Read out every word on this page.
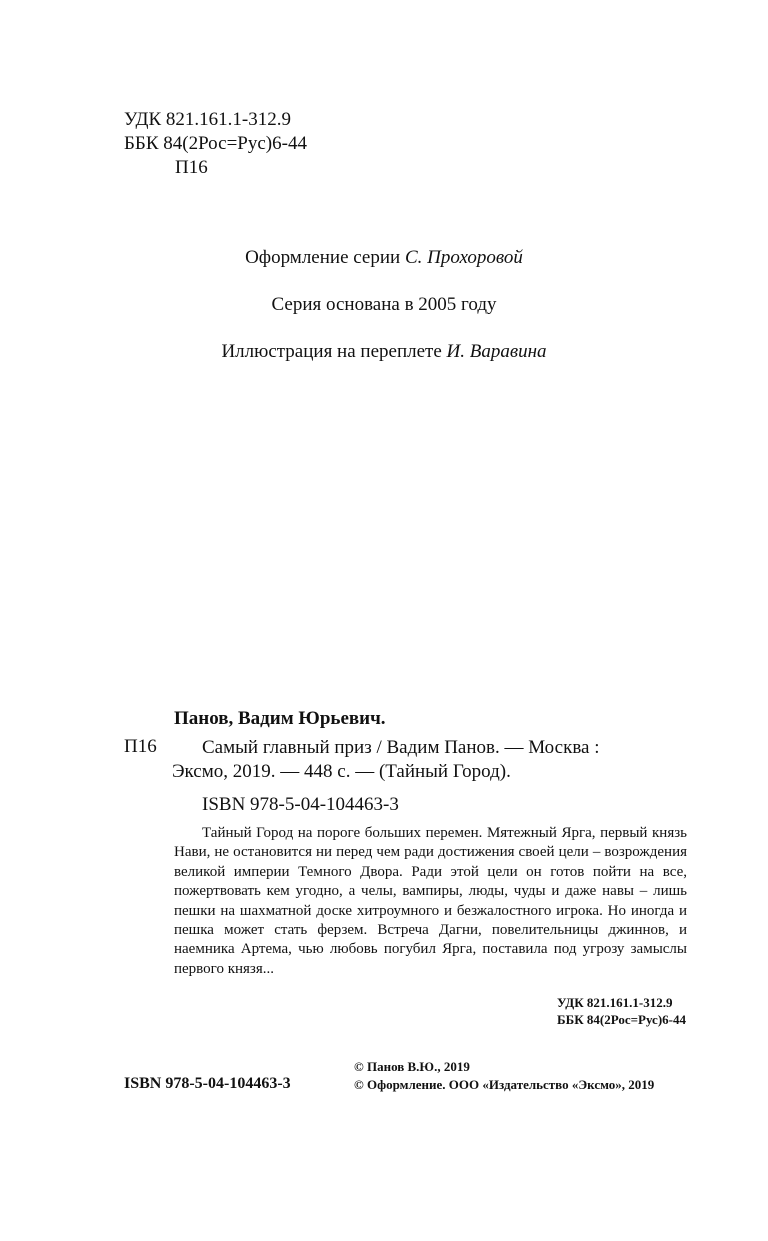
УДК 821.161.1-312.9
ББК 84(2Рос=Рус)6-44
П16
Оформление серии С. Прохоровой
Серия основана в 2005 году
Иллюстрация на переплете И. Варавина
Панов, Вадим Юрьевич.
П16 Самый главный приз / Вадим Панов. — Москва :
Эксмо, 2019. — 448 с. — (Тайный Город).
ISBN 978-5-04-104463-3

Тайный Город на пороге больших перемен. Мятежный Ярга, первый князь Нави, не остановится ни перед чем ради достижения своей цели – возрождения великой империи Темного Двора. Ради этой цели он готов пойти на все, пожертвовать кем угодно, а челы, вампиры, люды, чуды и даже навы – лишь пешки на шахматной доске хитроумного и безжалостного игрока. Но иногда и пешка может стать ферзем. Встреча Дагни, повелительницы джиннов, и наемника Артема, чью любовь погубил Ярга, поставила под угрозу замыслы первого князя...

УДК 821.161.1-312.9
ББК 84(2Рос=Рус)6-44
ISBN 978-5-04-104463-3
© Панов В.Ю., 2019
© Оформление. ООО «Издательство «Эксмо», 2019
